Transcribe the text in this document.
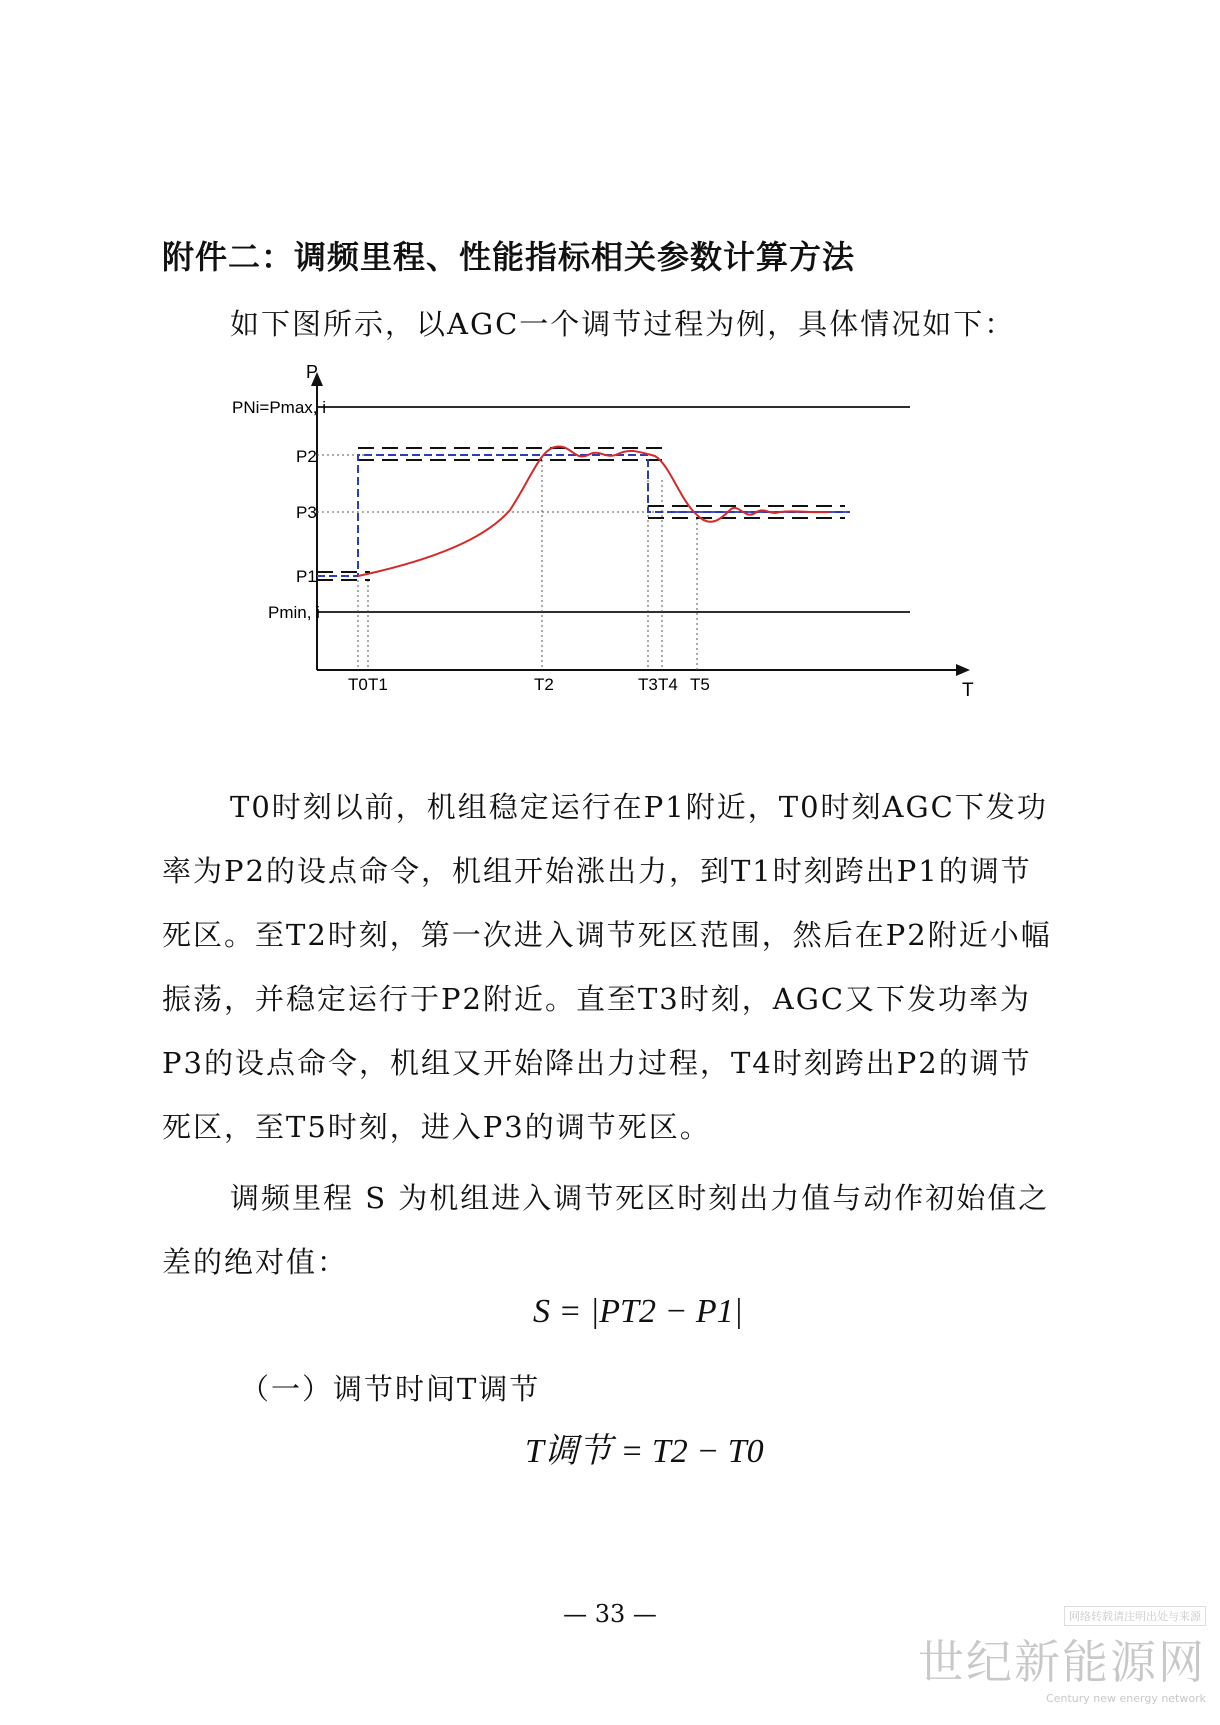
附件二：调频里程、性能指标相关参数计算方法
如下图所示，以AGC一个调节过程为例，具体情况如下：
PNi=Pmax, i
P2
P3
P1
Pmin, i
P
T
T0 T1	T2	T3 T4 T5
T0时刻以前，机组稳定运行在P1附近，T0时刻AGC下发功率为P2的设点命令，机组开始涨出力，到T1时刻跨出P1的调节死区。至T2时刻，第一次进入调节死区范围，然后在P2附近小幅振荡，并稳定运行于P2附近。直至T3时刻，AGC又下发功率为P3的设点命令，机组又开始降出力过程，T4时刻跨出P2的调节死区，至T5时刻，进入P3的调节死区。
调频里程 S 为机组进入调节死区时刻出力值与动作初始值之差的绝对值：
S = |PT2 − P1|
（一）调节时间T调节
T调节 = T2 − T0
— 33 —	网络转载请注明出处与来源
世纪新能源网
Century new energy network
